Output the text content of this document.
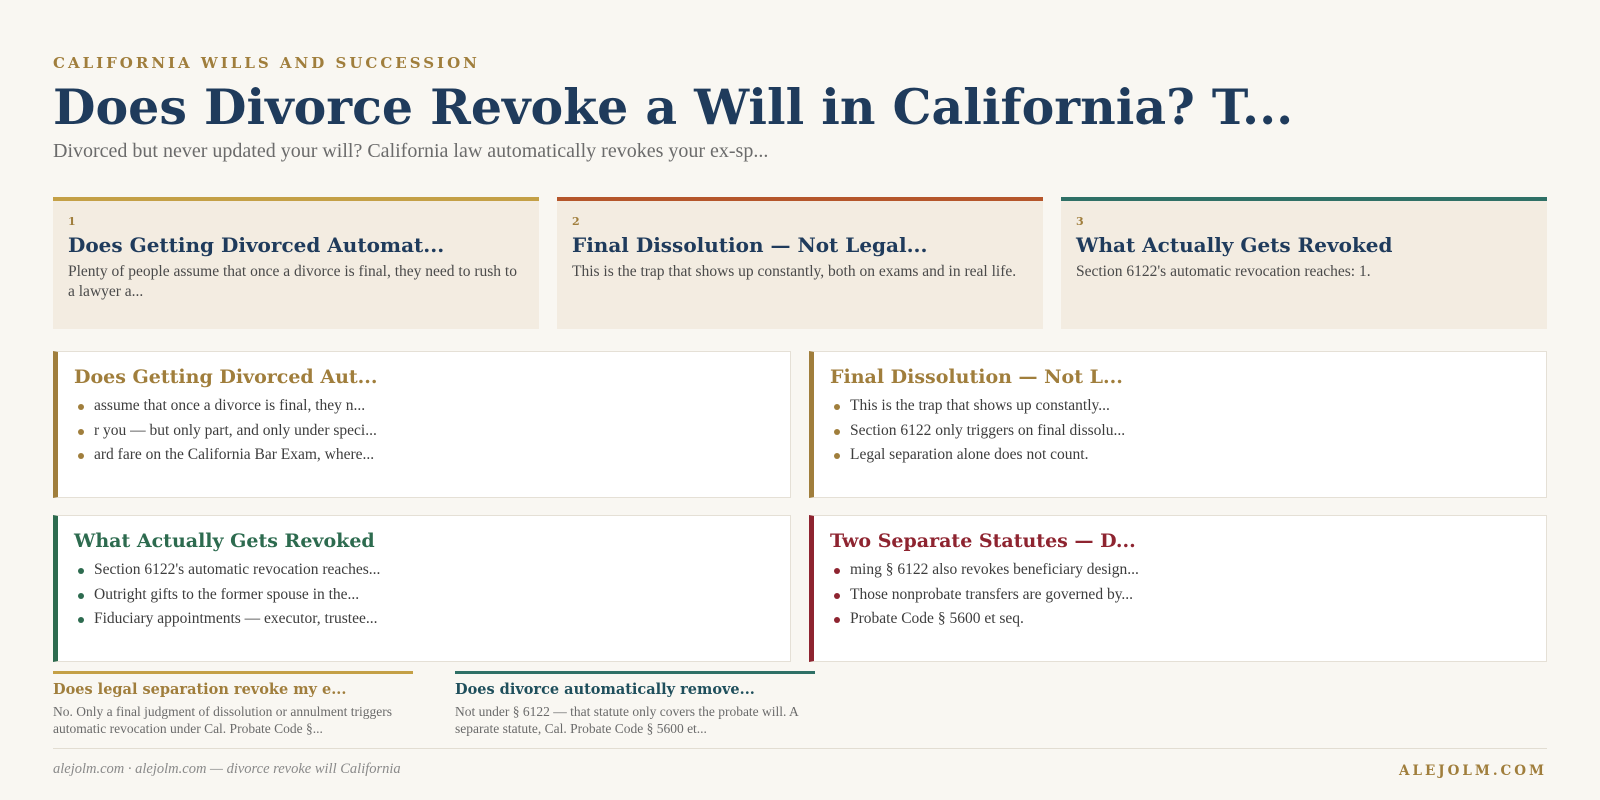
CALIFORNIA WILLS AND SUCCESSION
Does Divorce Revoke a Will in California? T...
Divorced but never updated your will? California law automatically revokes your ex-sp...
1
Does Getting Divorced Automat...
Plenty of people assume that once a divorce is final, they need to rush to a lawyer a...
2
Final Dissolution — Not Legal...
This is the trap that shows up constantly, both on exams and in real life.
3
What Actually Gets Revoked
Section 6122's automatic revocation reaches: 1.
Does Getting Divorced Aut...
assume that once a divorce is final, they n...
r you — but only part, and only under speci...
ard fare on the California Bar Exam, where...
Final Dissolution — Not L...
This is the trap that shows up constantly...
Section 6122 only triggers on final dissolu...
Legal separation alone does not count.
What Actually Gets Revoked
Section 6122's automatic revocation reaches...
Outright gifts to the former spouse in the...
Fiduciary appointments — executor, trustee...
Two Separate Statutes — D...
ming § 6122 also revokes beneficiary design...
Those nonprobate transfers are governed by...
Probate Code § 5600 et seq.
Does legal separation revoke my e...
No. Only a final judgment of dissolution or annulment triggers automatic revocation under Cal. Probate Code §...
Does divorce automatically remove...
Not under § 6122 — that statute only covers the probate will. A separate statute, Cal. Probate Code § 5600 et...
alejolm.com · alejolm.com — divorce revoke will California	ALEJOLM.COM
